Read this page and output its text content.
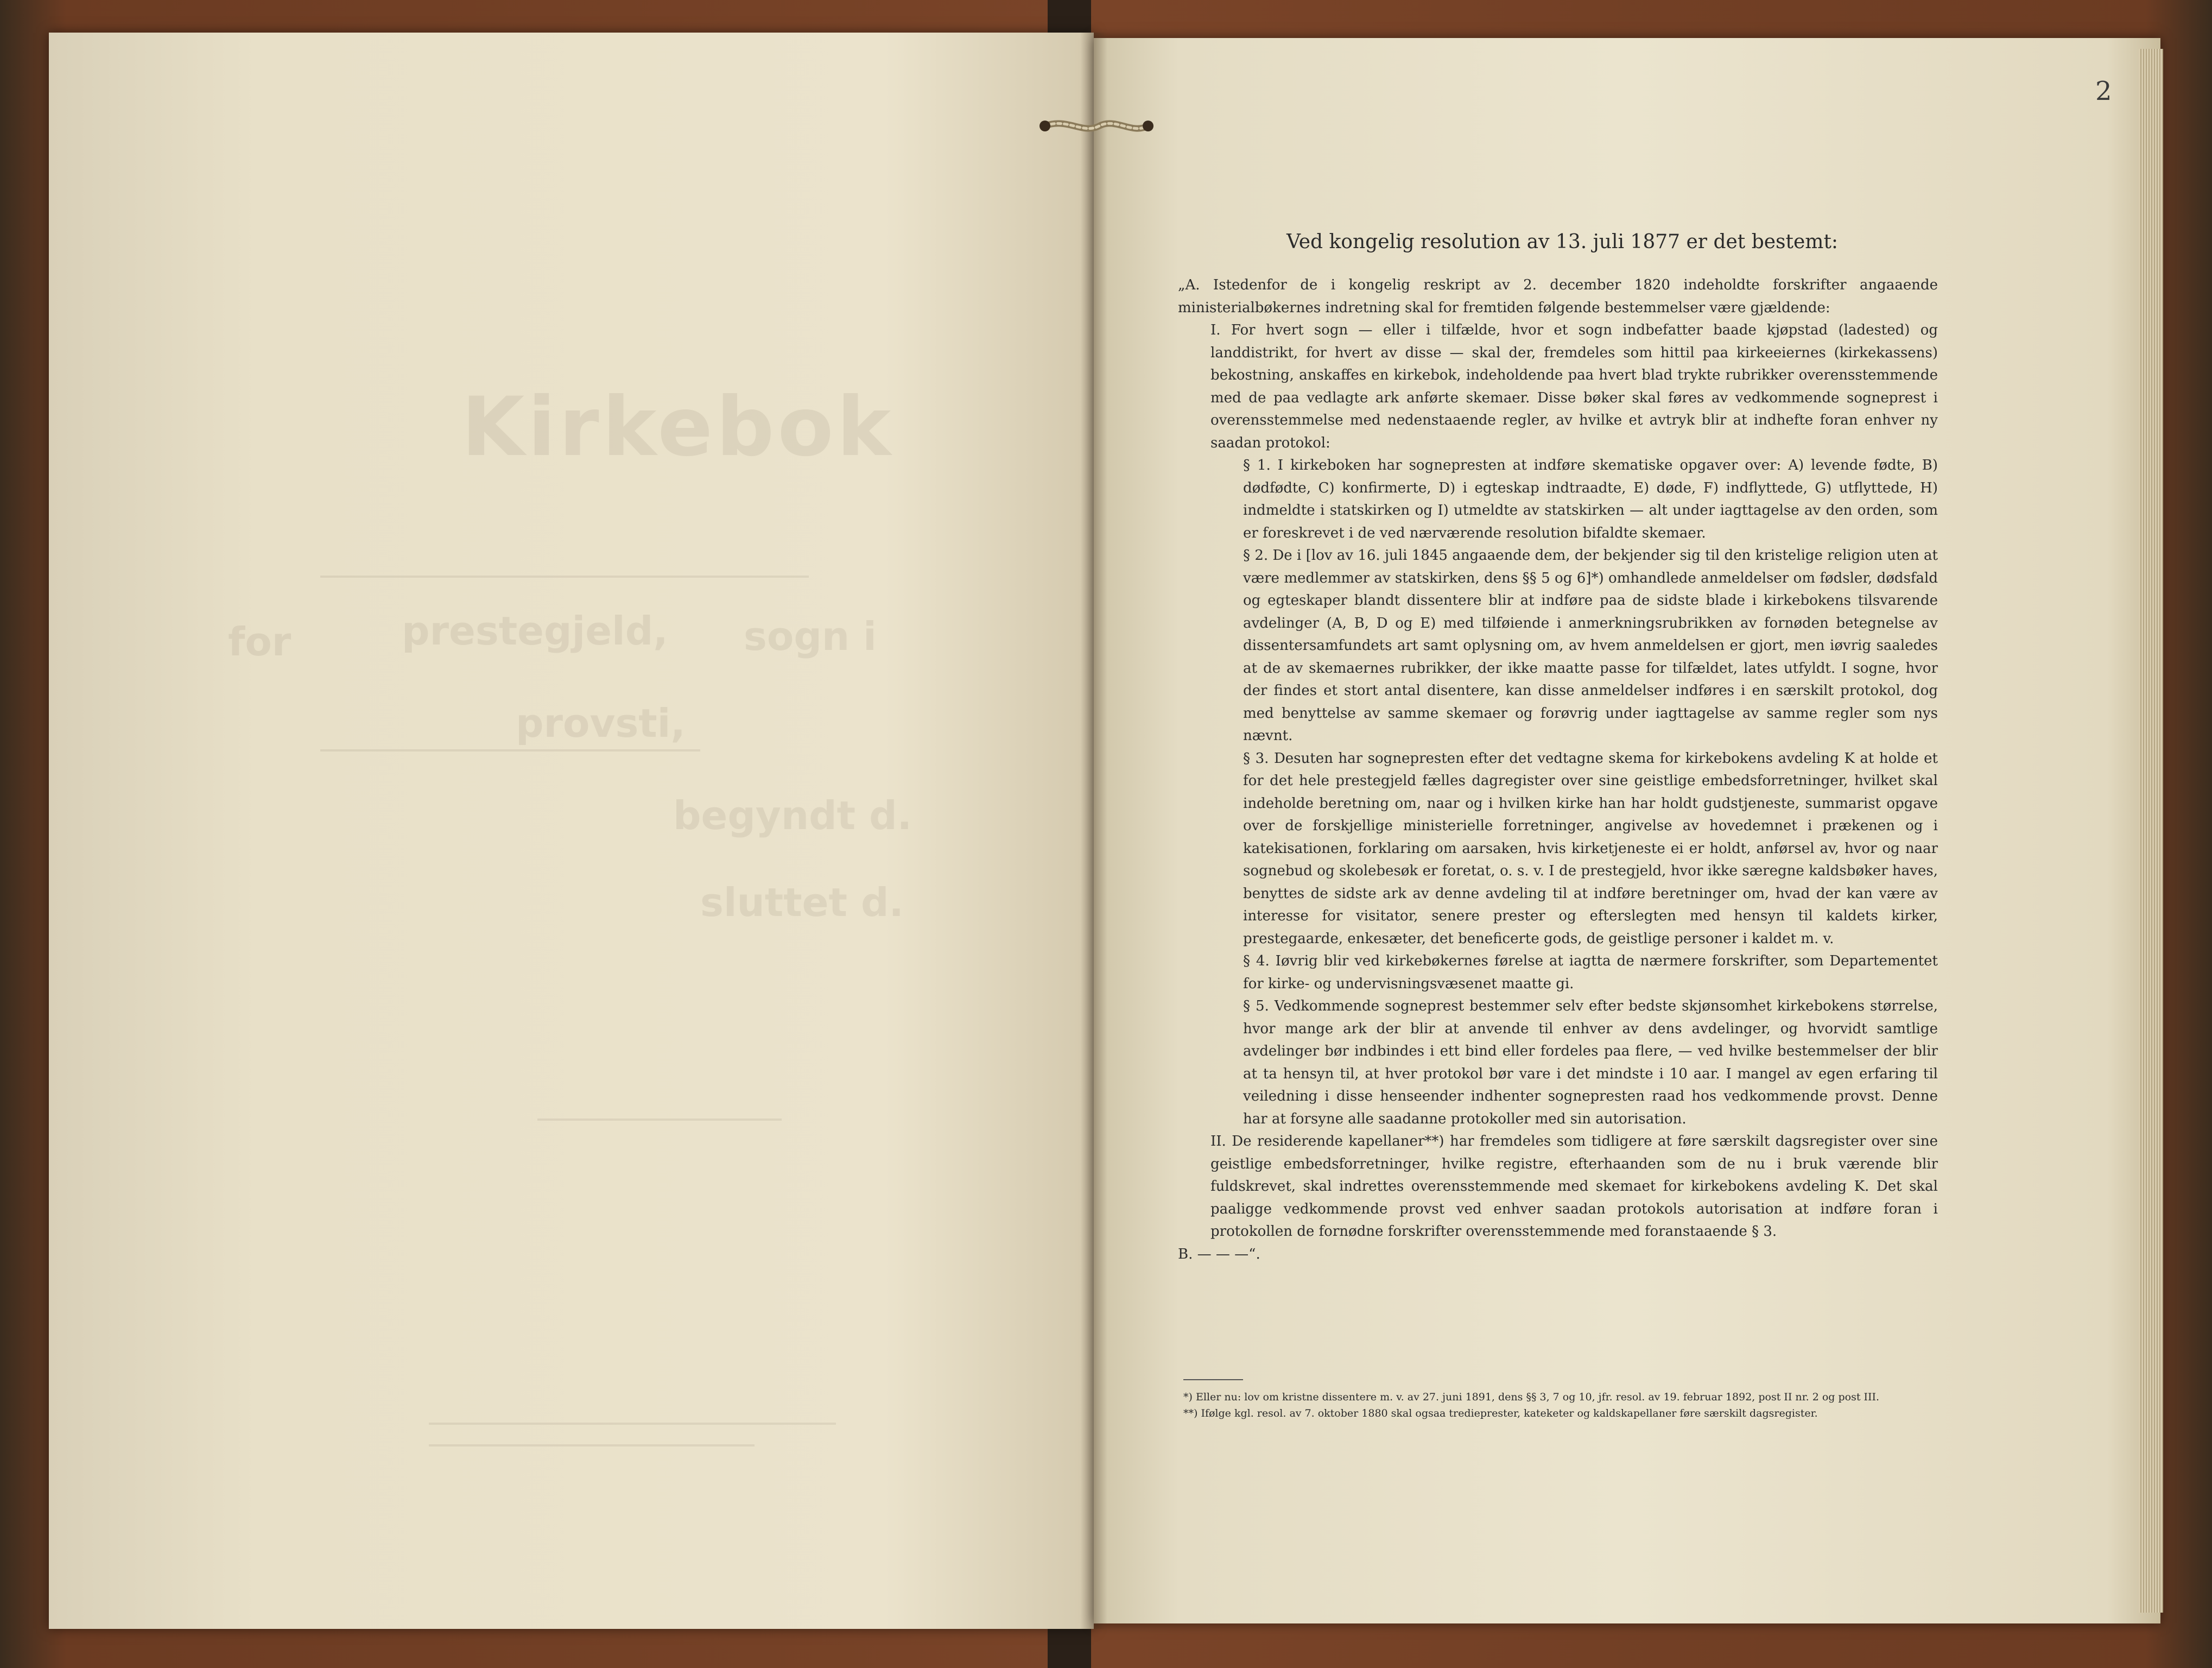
Kirkebok
for	sogn i
prestegjeld,
provsti,
begyndt d.
sluttet d.
2
Ved kongelig resolution av 13. juli 1877 er det bestemt:

„A. Istedenfor de i kongelig reskript av 2. december 1820 indeholdte forskrifter angaaende ministerialbøkernes indretning skal for fremtiden følgende bestemmelser være gjældende:

I. For hvert sogn — eller i tilfælde, hvor et sogn indbefatter baade kjøpstad (ladested) og landdistrikt, for hvert av disse — skal der, fremdeles som hittil paa kirkeeiernes (kirkekassens) bekostning, anskaffes en kirkebok, indeholdende paa hvert blad trykte rubrikker overensstemmende med de paa vedlagte ark anførte skemaer. Disse bøker skal føres av vedkommende sogneprest i overensstemmelse med nedenstaaende regler, av hvilke et avtryk blir at indhefte foran enhver ny saadan protokol:

§ 1. I kirkeboken har sognepresten at indføre skematiske opgaver over: A) levende fødte, B) dødfødte, C) konfirmerte, D) i egteskap indtraadte, E) døde, F) indflyttede, G) utflyttede, H) indmeldte i statskirken og I) utmeldte av statskirken — alt under iagttagelse av den orden, som er foreskrevet i de ved nærværende resolution bifaldte skemaer.

§ 2. De i [lov av 16. juli 1845 angaaende dem, der bekjender sig til den kristelige religion uten at være medlemmer av statskirken, dens §§ 5 og 6]*) omhandlede anmeldelser om fødsler, dødsfald og egteskaper blandt dissentere blir at indføre paa de sidste blade i kirkebokens tilsvarende avdelinger (A, B, D og E) med tilføiende i anmerkningsrubrikken av fornøden betegnelse av dissentersamfundets art samt oplysning om, av hvem anmeldelsen er gjort, men iøvrig saaledes at de av skemaernes rubrikker, der ikke maatte passe for tilfældet, lates utfyldt. I sogne, hvor der findes et stort antal disentere, kan disse anmeldelser indføres i en særskilt protokol, dog med benyttelse av samme skemaer og forøvrig under iagttagelse av samme regler som nys nævnt.

§ 3. Desuten har sognepresten efter det vedtagne skema for kirkebokens avdeling K at holde et for det hele prestegjeld fælles dagregister over sine geistlige embedsforretninger, hvilket skal indeholde beretning om, naar og i hvilken kirke han har holdt gudstjeneste, summarist opgave over de forskjellige ministerielle forretninger, angivelse av hovedemnet i prækenen og i katekisationen, forklaring om aarsaken, hvis kirketjeneste ei er holdt, anførsel av, hvor og naar sognebud og skolebesøk er foretat, o. s. v. I de prestegjeld, hvor ikke særegne kaldsbøker haves, benyttes de sidste ark av denne avdeling til at indføre beretninger om, hvad der kan være av interesse for visitator, senere prester og efterslegten med hensyn til kaldets kirker, prestegaarde, enkesæter, det beneficerte gods, de geistlige personer i kaldet m. v.

§ 4. Iøvrig blir ved kirkebøkernes førelse at iagtta de nærmere forskrifter, som Departementet for kirke- og undervisningsvæsenet maatte gi.

§ 5. Vedkommende sogneprest bestemmer selv efter bedste skjønsomhet kirkebokens størrelse, hvor mange ark der blir at anvende til enhver av dens avdelinger, og hvorvidt samtlige avdelinger bør indbindes i ett bind eller fordeles paa flere, — ved hvilke bestemmelser der blir at ta hensyn til, at hver protokol bør vare i det mindste i 10 aar. I mangel av egen erfaring til veiledning i disse henseender indhenter sognepresten raad hos vedkommende provst. Denne har at forsyne alle saadanne protokoller med sin autorisation.

II. De residerende kapellaner**) har fremdeles som tidligere at føre særskilt dagsregister over sine geistlige embedsforretninger, hvilke registre, efterhaanden som de nu i bruk værende blir fuldskrevet, skal indrettes overensstemmende med skemaet for kirkebokens avdeling K. Det skal paaligge vedkommende provst ved enhver saadan protokols autorisation at indføre foran i protokollen de fornødne forskrifter overensstemmende med foranstaaende § 3.

B. — — —“.

*) Eller nu: lov om kristne dissentere m. v. av 27. juni 1891, dens §§ 3, 7 og 10, jfr. resol. av 19. februar 1892, post II nr. 2 og post III.

**) Ifølge kgl. resol. av 7. oktober 1880 skal ogsaa tredieprester, kateketer og kaldskapellaner føre særskilt dagsregister.
